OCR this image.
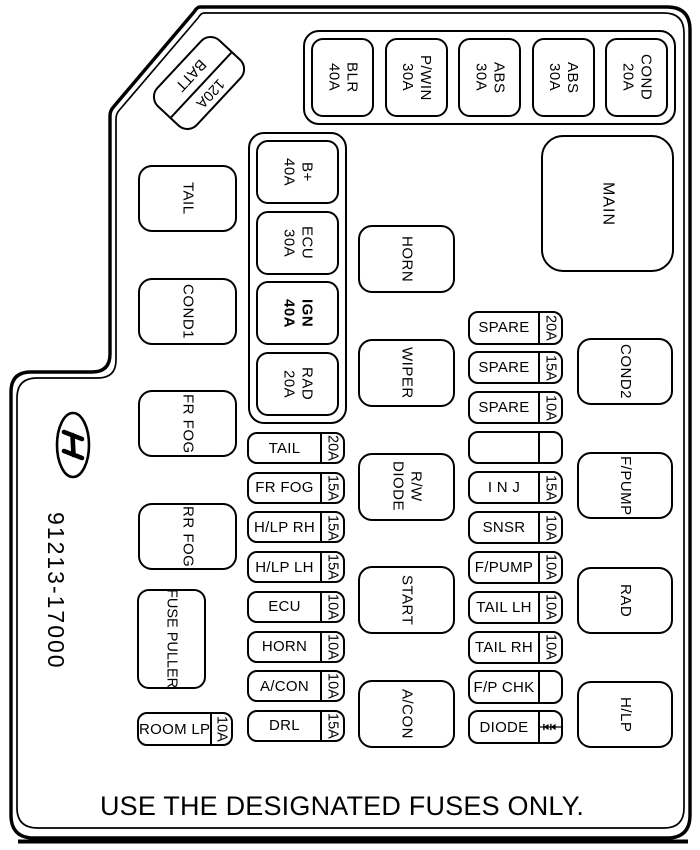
120A
BATT	BLR
40A	P/WIN
30A	ABS
30A	ABS
30A	COND
20A
B+
40A
ECU
30A
IGN
40A
RAD
20A
MAIN
TAIL
COND1
FR FOG
RR FOG
HORN
WIPER
R/W
DIODE
START
A/CON
COND2
F/PUMP
RAD
H/LP
TAIL	20A
FR FOG 15A
H/LP RH 15A
H/LP LH 15A
ECU	10A
HORN	10A
A/CON	10A
DRL	15A
SPARE 20A
SPARE 15A
SPARE 10A
I N J	15A
SNSR	10A
F/PUMP 10A
TAIL LH 10A
TAIL RH 10A
F/P CHK
DIODE
FUSE PULLER
ROOM LP 10A
91213-17000
USE THE DESIGNATED FUSES ONLY.
